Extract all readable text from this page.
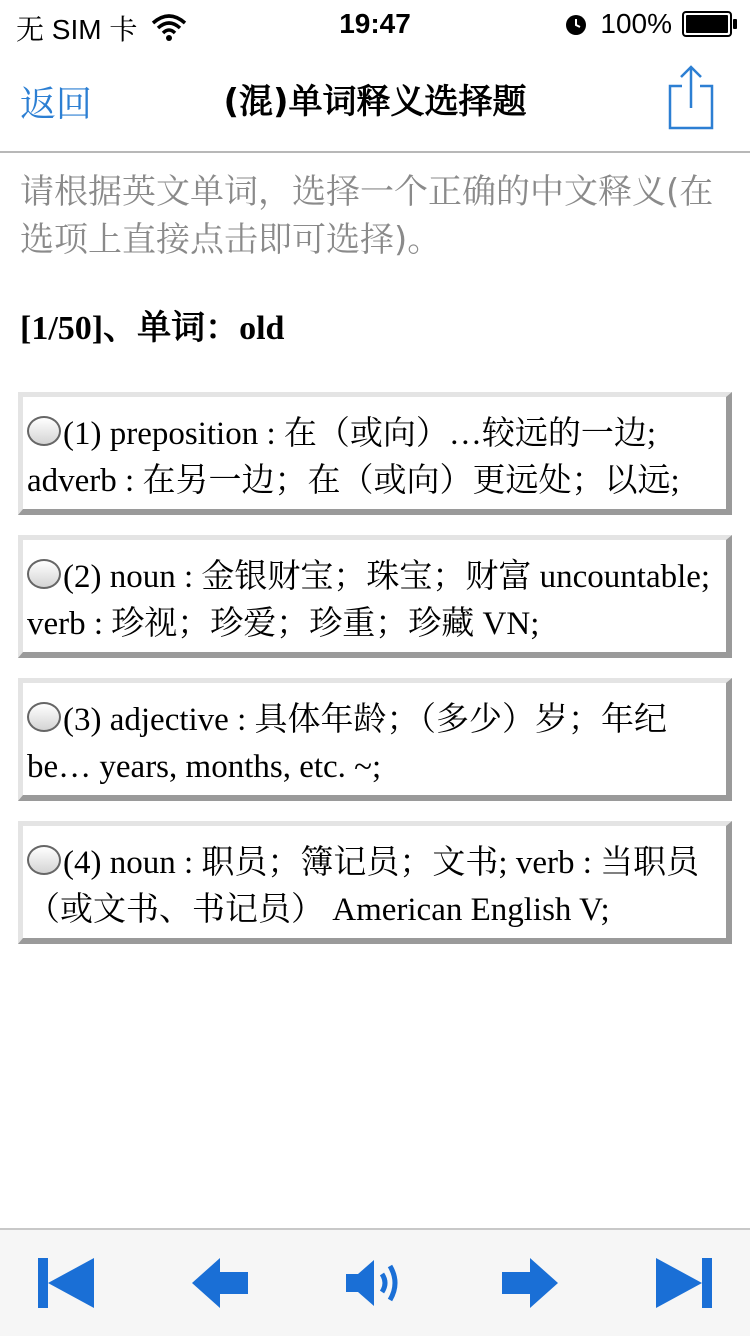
无 SIM 卡	19:47	100%
返回	(混)单词释义选择题
请根据英文单词，选择一个正确的中文释义(在选项上直接点击即可选择)。
[1/50]、单词：old
(1) preposition : 在（或向）…较远的一边; adverb : 在另一边；在（或向）更远处；以远;
(2) noun : 金银财宝；珠宝；财富 uncountable; verb : 珍视；珍爱；珍重；珍藏 VN;
(3) adjective : 具体年龄；（多少）岁；年纪 be… years, months, etc. ~;
(4) noun : 职员；簿记员；文书; verb : 当职员（或文书、书记员） American English V;
